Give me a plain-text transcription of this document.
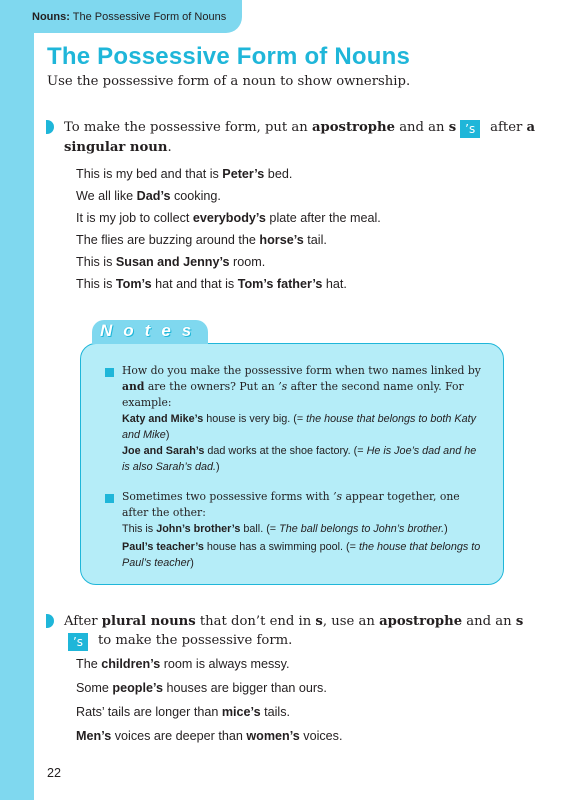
Nouns: The Possessive Form of Nouns
The Possessive Form of Nouns
Use the possessive form of a noun to show ownership.
To make the possessive form, put an apostrophe and an s ’s after a singular noun.
This is my bed and that is Peter’s bed.
We all like Dad’s cooking.
It is my job to collect everybody’s plate after the meal.
The flies are buzzing around the horse’s tail.
This is Susan and Jenny’s room.
This is Tom’s hat and that is Tom’s father’s hat.
Notes
How do you make the possessive form when two names linked by and are the owners? Put an ’s after the second name only. For example:
Katy and Mike’s house is very big. (= the house that belongs to both Katy and Mike)
Joe and Sarah’s dad works at the shoe factory. (= He is Joe’s dad and he is also Sarah’s dad.)
Sometimes two possessive forms with ’s appear together, one after the other:
This is John’s brother’s ball. (= The ball belongs to John’s brother.)
Paul’s teacher’s house has a swimming pool. (= the house that belongs to Paul’s teacher)
After plural nouns that don’t end in s, use an apostrophe and an s’s to make the possessive form.
The children’s room is always messy.
Some people’s houses are bigger than ours.
Rats’ tails are longer than mice’s tails.
Men’s voices are deeper than women’s voices.
22
